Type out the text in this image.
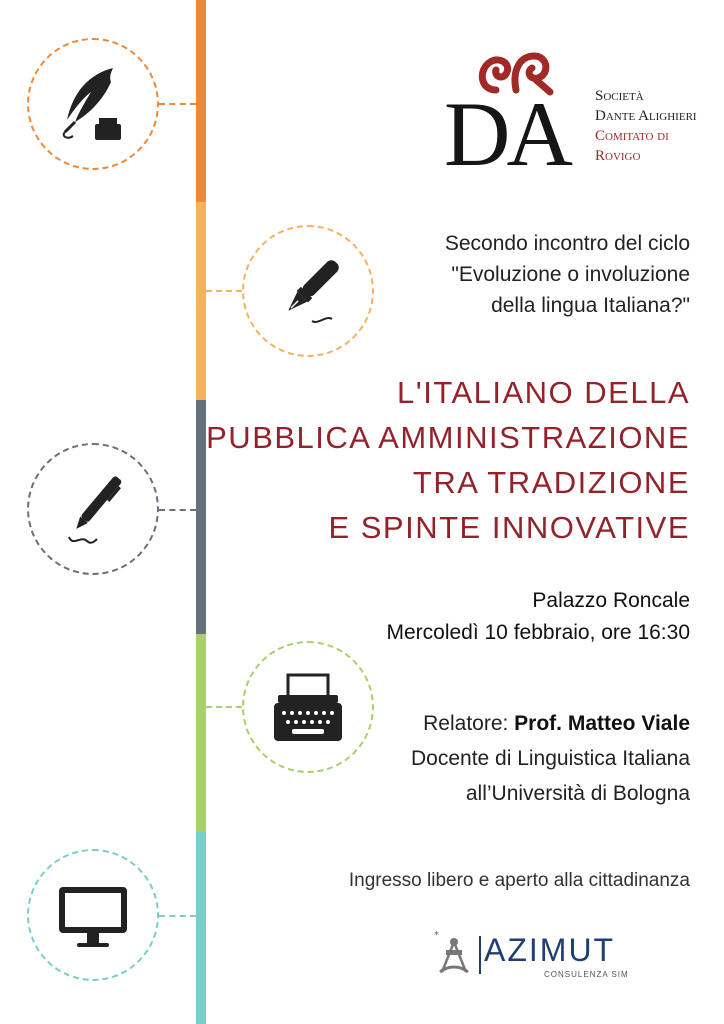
DA Società
Dante Alighieri
Comitato di
Rovigo
Secondo incontro del ciclo
"Evoluzione o involuzione
della lingua Italiana?"
L'ITALIANO DELLA
PUBBLICA AMMINISTRAZIONE
TRA TRADIZIONE
E SPINTE INNOVATIVE
Palazzo Roncale
Mercoledì 10 febbraio, ore 16:30
Relatore: Prof. Matteo Viale
Docente di Linguistica Italiana
all’Università di Bologna
Ingresso libero e aperto alla cittadinanza
* AZIMUT
CONSULENZA SIM
